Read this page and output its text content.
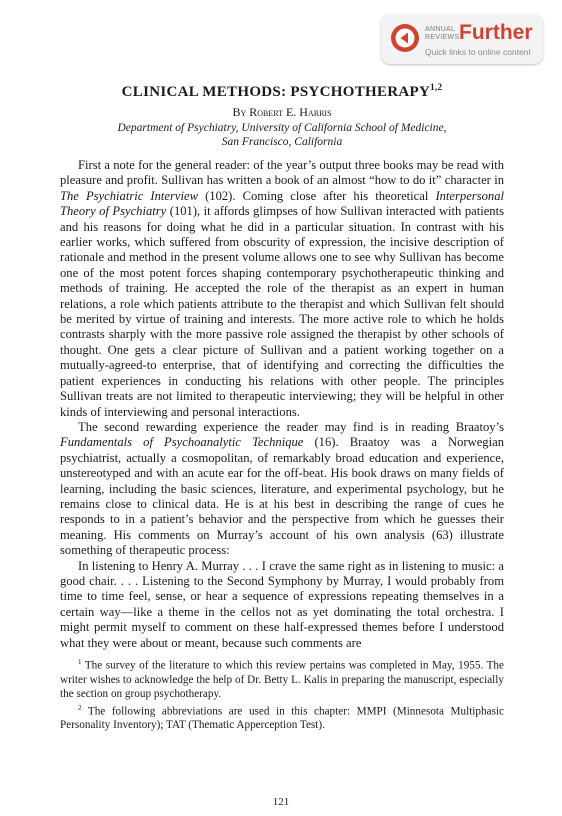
ANNUAL
REVIEWS Further
Quick links to online content
CLINICAL METHODS: PSYCHOTHERAPY$^{1,2}$

By Robert E. Harris

Department of Psychiatry, University of California School of Medicine,
San Francisco, California

First a note for the general reader: of the year’s output three books may be read with pleasure and profit. Sullivan has written a book of an almost “how to do it” character in The Psychiatric Interview (102). Coming close after his theoretical Interpersonal Theory of Psychiatry (101), it affords glimpses of how Sullivan interacted with patients and his reasons for doing what he did in a particular situation. In contrast with his earlier works, which suffered from obscurity of expression, the incisive description of rationale and method in the present volume allows one to see why Sullivan has become one of the most potent forces shaping contemporary psychotherapeutic thinking and methods of training. He accepted the role of the therapist as an expert in human relations, a role which patients attribute to the therapist and which Sullivan felt should be merited by virtue of training and interests. The more active role to which he holds contrasts sharply with the more passive role assigned the therapist by other schools of thought. One gets a clear picture of Sullivan and a patient working together on a mutually-agreed-to enterprise, that of identifying and correcting the difficulties the patient experiences in conducting his relations with other people. The principles Sullivan treats are not limited to therapeutic interviewing; they will be helpful in other kinds of interviewing and personal interactions.

The second rewarding experience the reader may find is in reading Braatoy’s Fundamentals of Psychoanalytic Technique (16). Braatoy was a Norwegian psychiatrist, actually a cosmopolitan, of remarkably broad education and experience, unstereotyped and with an acute ear for the off-beat. His book draws on many fields of learning, including the basic sciences, literature, and experimental psychology, but he remains close to clinical data. He is at his best in describing the range of cues he responds to in a patient’s behavior and the perspective from which he guesses their meaning. His comments on Murray’s account of his own analysis (63) illustrate something of therapeutic process:

In listening to Henry A. Murray . . . I crave the same right as in listening to music: a good chair. . . . Listening to the Second Symphony by Murray, I would probably from time to time feel, sense, or hear a sequence of expressions repeating themselves in a certain way—like a theme in the cellos not as yet dominating the total orchestra. I might permit myself to comment on these half-expressed themes before I understood what they were about or meant, because such comments are

$^1$ The survey of the literature to which this review pertains was completed in May, 1955. The writer wishes to acknowledge the help of Dr. Betty L. Kalis in preparing the manuscript, especially the section on group psychotherapy.

$^2$ The following abbreviations are used in this chapter: MMPI (Minnesota Multiphasic Personality Inventory); TAT (Thematic Apperception Test).

121
